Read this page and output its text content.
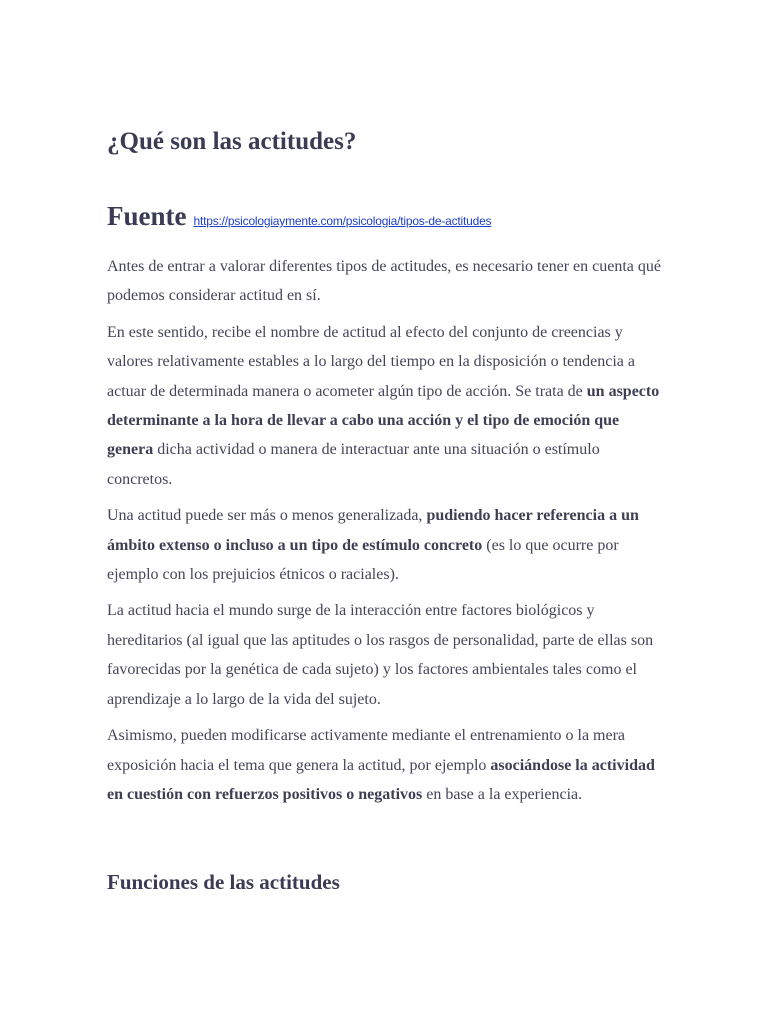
¿Qué son las actitudes?
Fuente https://psicologiaymente.com/psicologia/tipos-de-actitudes

Antes de entrar a valorar diferentes tipos de actitudes, es necesario tener en cuenta qué podemos considerar actitud en sí.

En este sentido, recibe el nombre de actitud al efecto del conjunto de creencias y valores relativamente estables a lo largo del tiempo en la disposición o tendencia a actuar de determinada manera o acometer algún tipo de acción. Se trata de un aspecto determinante a la hora de llevar a cabo una acción y el tipo de emoción que genera dicha actividad o manera de interactuar ante una situación o estímulo concretos.

Una actitud puede ser más o menos generalizada, pudiendo hacer referencia a un ámbito extenso o incluso a un tipo de estímulo concreto (es lo que ocurre por ejemplo con los prejuicios étnicos o raciales).

La actitud hacia el mundo surge de la interacción entre factores biológicos y hereditarios (al igual que las aptitudes o los rasgos de personalidad, parte de ellas son favorecidas por la genética de cada sujeto) y los factores ambientales tales como el aprendizaje a lo largo de la vida del sujeto.

Asimismo, pueden modificarse activamente mediante el entrenamiento o la mera exposición hacia el tema que genera la actitud, por ejemplo asociándose la actividad en cuestión con refuerzos positivos o negativos en base a la experiencia.

Funciones de las actitudes
